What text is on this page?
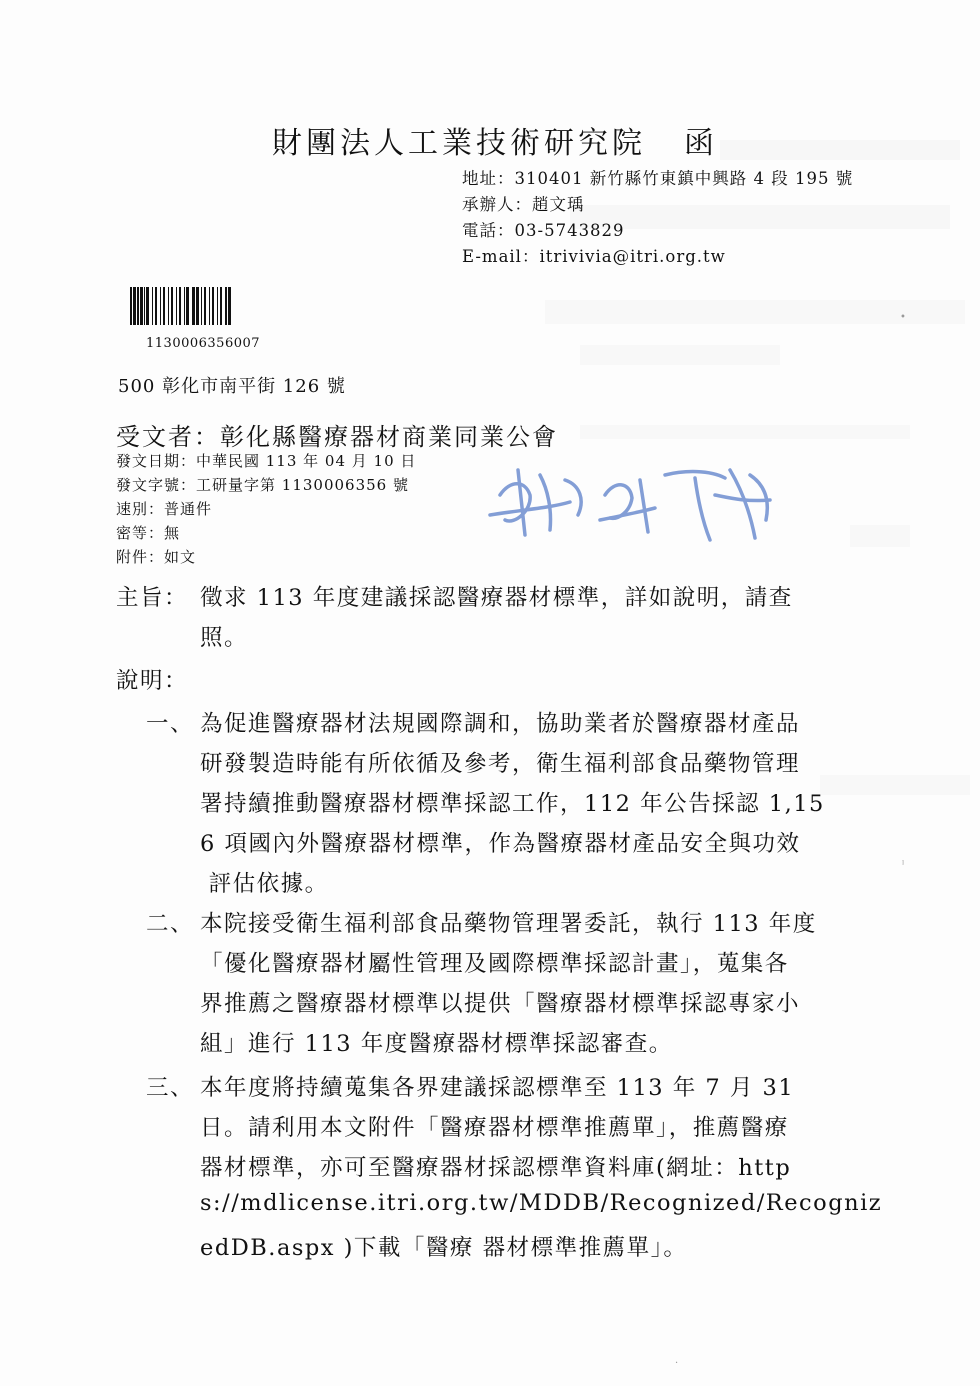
財團法人工業技術研究院 函
地址：310401 新竹縣竹東鎮中興路 4 段 195 號
承辦人：趙文瑀
電話：03-5743829
E-mail：itrivivia@itri.org.tw
1130006356007
500 彰化市南平街 126 號
受文者：彰化縣醫療器材商業同業公會
發文日期：中華民國 113 年 04 月 10 日
發文字號：工研量字第 1130006356 號
速別：普通件
密等：無
附件：如文
主旨： 徵求 113 年度建議採認醫療器材標準，詳如說明，請查
照。
說明：
一、 為促進醫療器材法規國際調和，協助業者於醫療器材產品
研發製造時能有所依循及參考，衛生福利部食品藥物管理
署持續推動醫療器材標準採認工作，112 年公告採認 1,15
6 項國內外醫療器材標準，作為醫療器材產品安全與功效
評估依據。
二、 本院接受衛生福利部食品藥物管理署委託，執行 113 年度
「優化醫療器材屬性管理及國際標準採認計畫」，蒐集各
界推薦之醫療器材標準以提供「醫療器材標準採認專家小
組」進行 113 年度醫療器材標準採認審查。
三、 本年度將持續蒐集各界建議採認標準至 113 年 7 月 31
日。請利用本文附件「醫療器材標準推薦單」，推薦醫療
器材標準，亦可至醫療器材採認標準資料庫(網址：http
s://mdlicense.itri.org.tw/MDDB/Recognized/Recogniz
edDB.aspx )下載「醫療 器材標準推薦單」。
•
ˡ
·
